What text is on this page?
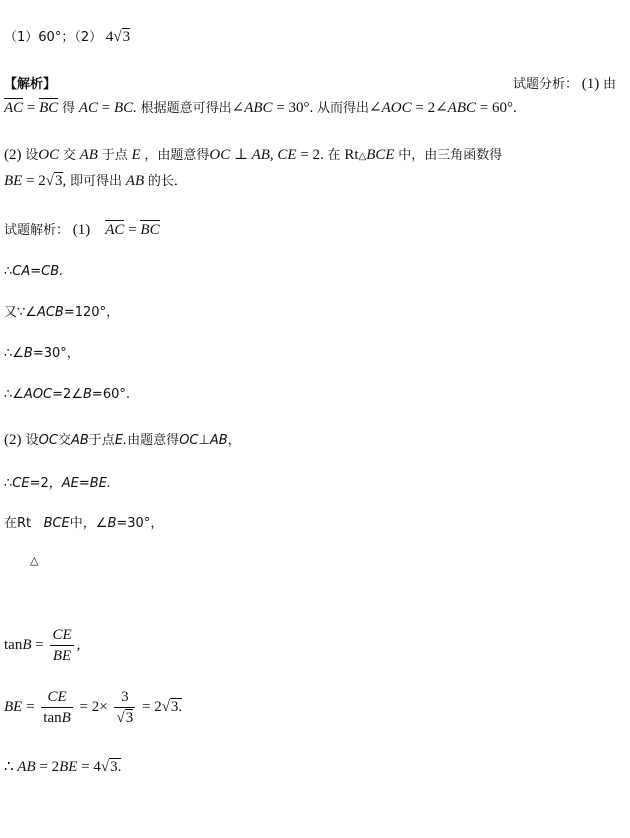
（1）60°；（2） 4√3
【解析】	试题分析： (1) 由
AC = BC 得 AC = BC. 根据题意可得出∠ABC = 30°. 从而得出∠AOC = 2∠ABC = 60°.
(2) 设OC 交 AB 于点 E ，由题意得OC ⊥ AB, CE = 2. 在 Rt△BCE 中，由三角函数得
BE = 2√3, 即可得出 AB 的长．
试题解析： (1) AC = BC
∴CA=CB.
又∵∠ACB=120°，
∴∠B=30°，
∴∠AOC=2∠B=60°.
(2) 设OC交AB于点E.由题意得OC⊥AB，
∴CE=2，AE=BE.
在Rt BCE中，∠B=30°，
△
$\tan B = \frac{CE}{BE}$ ,
BE = $\frac{CE}{\tan B} = 2\times \frac{3}{√3} = 2√3$.
∴ AB = 2BE = 4√3.
